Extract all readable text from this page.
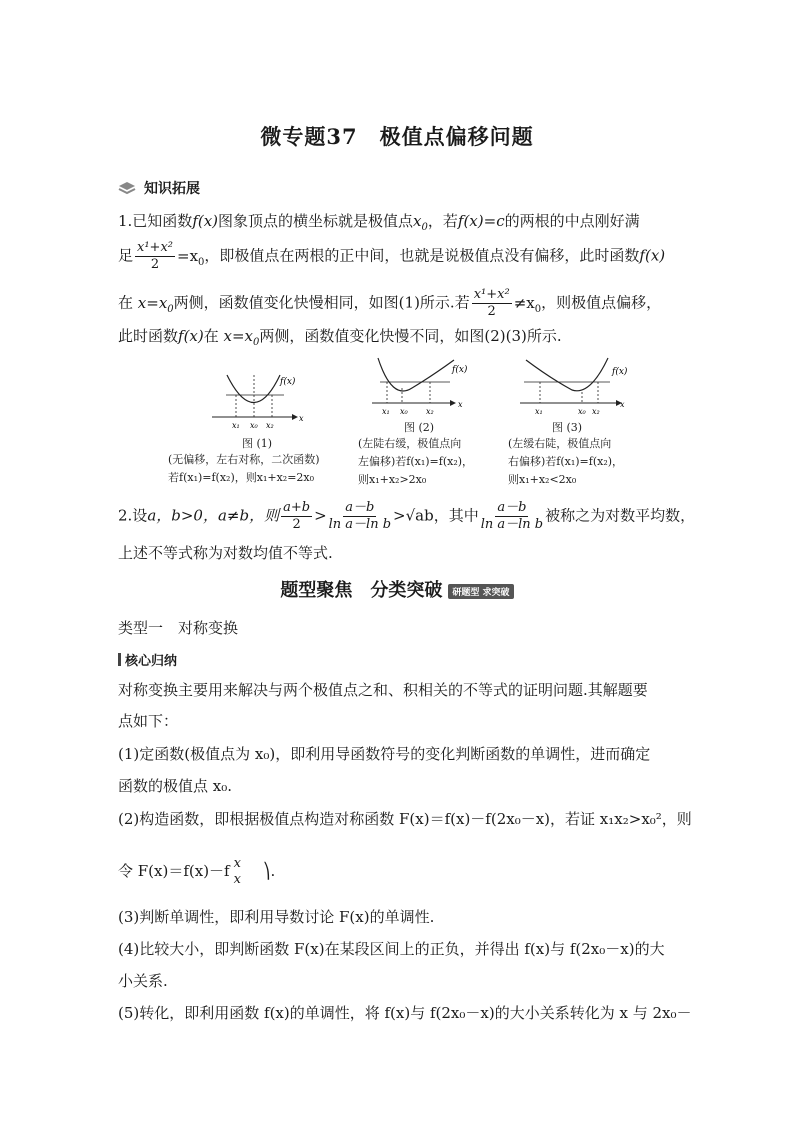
微专题37　极值点偏移问题
知识拓展
1.已知函数f(x)图象顶点的横坐标就是极值点$x_0$，若f(x)=c的两根的中点刚好满
足 $\frac{\text{x¹+x²}}{2} =x_0$，即极值点在两根的正中间，也就是说极值点没有偏移，此时函数f(x)
在 $x=x_0$两侧，函数值变化快慢相同，如图(1)所示.若 $\frac{\text{x¹+x²}}{2} \ne x_0$，则极值点偏移，
此时函数f(x)在 $x=x_0$两侧，函数值变化快慢不同，如图(2)(3)所示.
f(x)
x₁ x₀ x₂
x
图 (1)
(无偏移，左右对称，二次函数)
若f(x₁)=f(x₂)，则x₁+x₂=2x₀
f(x)
x₁ x₀ x₂
x
图 (2)
(左陡右缓，极值点向
左偏移)若f(x₁)=f(x₂)，
则x₁+x₂>2x₀
f(x)
x₁	x₀ x₂
x
图 (3)
(左缓右陡，极值点向
右偏移)若f(x₁)=f(x₂)，
则x₁+x₂<2x₀
2.设a，b>0，a≠b，则 $\frac{a+b}{2} > \frac{a-b}{\text{ln a－ln b}} >√ab$，其中 $\frac{a-b}{\text{ln a－ln b}}$ 被称之为对数平均数，
上述不等式称为对数均值不等式.
题型聚焦　分类突破 研题型 求突破
类型一　对称变换
核心归纳
对称变换主要用来解决与两个极值点之和、积相关的不等式的证明问题.其解题要
点如下：
(1)定函数(极值点为 x₀)，即利用导函数符号的变化判断函数的单调性，进而确定
函数的极值点 x₀.
(2)构造函数，即根据极值点构造对称函数 F(x)＝f(x)－f(2x₀－x)，若证 x₁x₂>x₀²，则
令 F(x)＝f(x)－f x
x ⎞.
(3)判断单调性，即利用导数讨论 F(x)的单调性.
(4)比较大小，即判断函数 F(x)在某段区间上的正负，并得出 f(x)与 f(2x₀－x)的大
小关系.
(5)转化，即利用函数 f(x)的单调性，将 f(x)与 f(2x₀－x)的大小关系转化为 x 与 2x₀－
